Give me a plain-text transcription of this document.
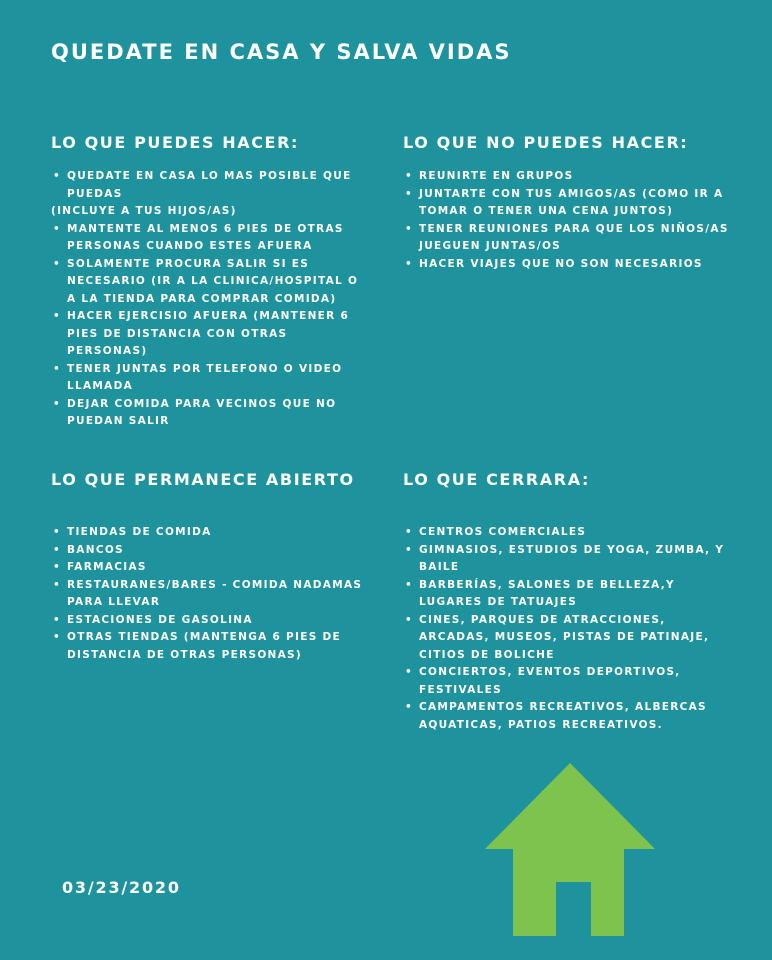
QUEDATE EN CASA Y SALVA VIDAS
LO QUE PUEDES HACER:
• QUEDATE EN CASA LO MAS POSIBLE QUE PUEDAS
(INCLUYE A TUS HIJOS/AS)
• MANTENTE AL MENOS 6 PIES DE OTRAS PERSONAS CUANDO ESTES AFUERA
• SOLAMENTE PROCURA SALIR SI ES NECESARIO (IR A LA CLINICA/HOSPITAL O A LA TIENDA PARA COMPRAR COMIDA)
• HACER EJERCISIO AFUERA (MANTENER 6 PIES DE DISTANCIA CON OTRAS PERSONAS)
• TENER JUNTAS POR TELEFONO O VIDEO LLAMADA
• DEJAR COMIDA PARA VECINOS QUE NO PUEDAN SALIR
LO QUE NO PUEDES HACER:
• REUNIRTE EN GRUPOS
• JUNTARTE CON TUS AMIGOS/AS (COMO IR A TOMAR O TENER UNA CENA JUNTOS)
• TENER REUNIONES PARA QUE LOS NIÑOS/AS JUEGUEN JUNTAS/OS
• HACER VIAJES QUE NO SON NECESARIOS
LO QUE PERMANECE ABIERTO
• TIENDAS DE COMIDA
• BANCOS
• FARMACIAS
• RESTAURANES/BARES - COMIDA NADAMAS PARA LLEVAR
• ESTACIONES DE GASOLINA
• OTRAS TIENDAS (MANTENGA 6 PIES DE DISTANCIA DE OTRAS PERSONAS)
LO QUE CERRARA:
• CENTROS COMERCIALES
• GIMNASIOS, ESTUDIOS DE YOGA, ZUMBA, Y BAILE
• BARBERÍAS, SALONES DE BELLEZA,Y LUGARES DE TATUAJES
• CINES, PARQUES DE ATRACCIONES, ARCADAS, MUSEOS, PISTAS DE PATINAJE, CITIOS DE BOLICHE
• CONCIERTOS, EVENTOS DEPORTIVOS, FESTIVALES
• CAMPAMENTOS RECREATIVOS, ALBERCAS AQUATICAS, PATIOS RECREATIVOS.
03/23/2020
